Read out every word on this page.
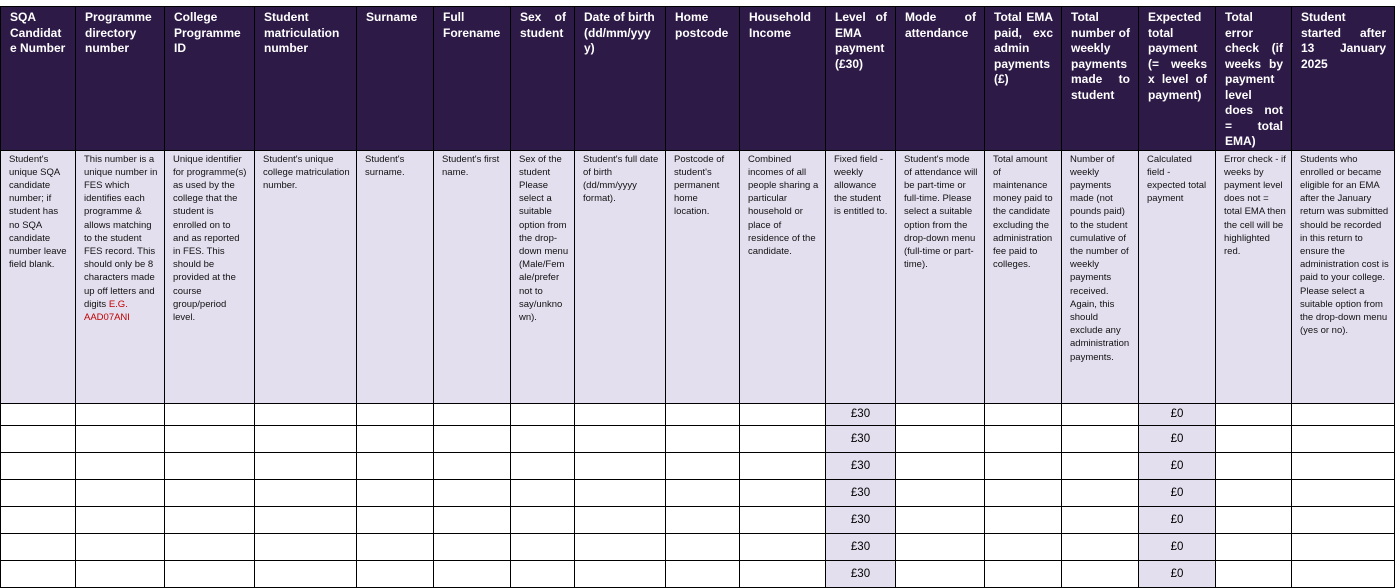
SQA Candidate Number	Programme directory number	College Programme ID	Student matriculation number	Surname	Full Forename	Sex of student	Date of birth (dd/mm/yyyy)	Home postcode	Household Income	Level of EMA payment (£30)	Mode of attendance	Total EMA paid, exc admin payments (£)	Total number of weekly payments made to student	Expected total payment (= weeks x level of payment)	Total error check (if weeks by payment level does not = total EMA)	Student started after 13 January 2025
Student's unique SQA candidate number; if student has no SQA candidate number leave field blank.	This number is a unique number in FES which identifies each programme & allows matching to the student FES record. This should only be 8 characters made up off letters and digits E.G. AAD07ANI	Unique identifier for programme(s) as used by the college that the student is enrolled on to and as reported in FES. This should be provided at the course group/period level.	Student's unique college matriculation number.	Student's surname.	Student's first name.	Sex of the student Please select a suitable option from the drop-down menu (Male/Female/prefer not to say/unknown).	Student's full date of birth (dd/mm/yyyy format).	Postcode of student's permanent home location.	Combined incomes of all people sharing a particular household or place of residence of the candidate.	Fixed field - weekly allowance the student is entitled to.	Student's mode of attendance will be part-time or full-time. Please select a suitable option from the drop-down menu (full-time or part-time).	Total amount of maintenance money paid to the candidate excluding the administration fee paid to colleges.	Number of weekly payments made (not pounds paid) to the student cumulative of the number of weekly payments received. Again, this should exclude any administration payments.	Calculated field - expected total payment	Error check - if weeks by payment level does not = total EMA then the cell will be highlighted red.	Students who enrolled or became eligible for an EMA after the January return was submitted should be recorded in this return to ensure the administration cost is paid to your college. Please select a suitable option from the drop-down menu (yes or no).
										£30				£0		
										£30				£0		
										£30				£0		
										£30				£0		
										£30				£0		
										£30				£0		
										£30				£0		
